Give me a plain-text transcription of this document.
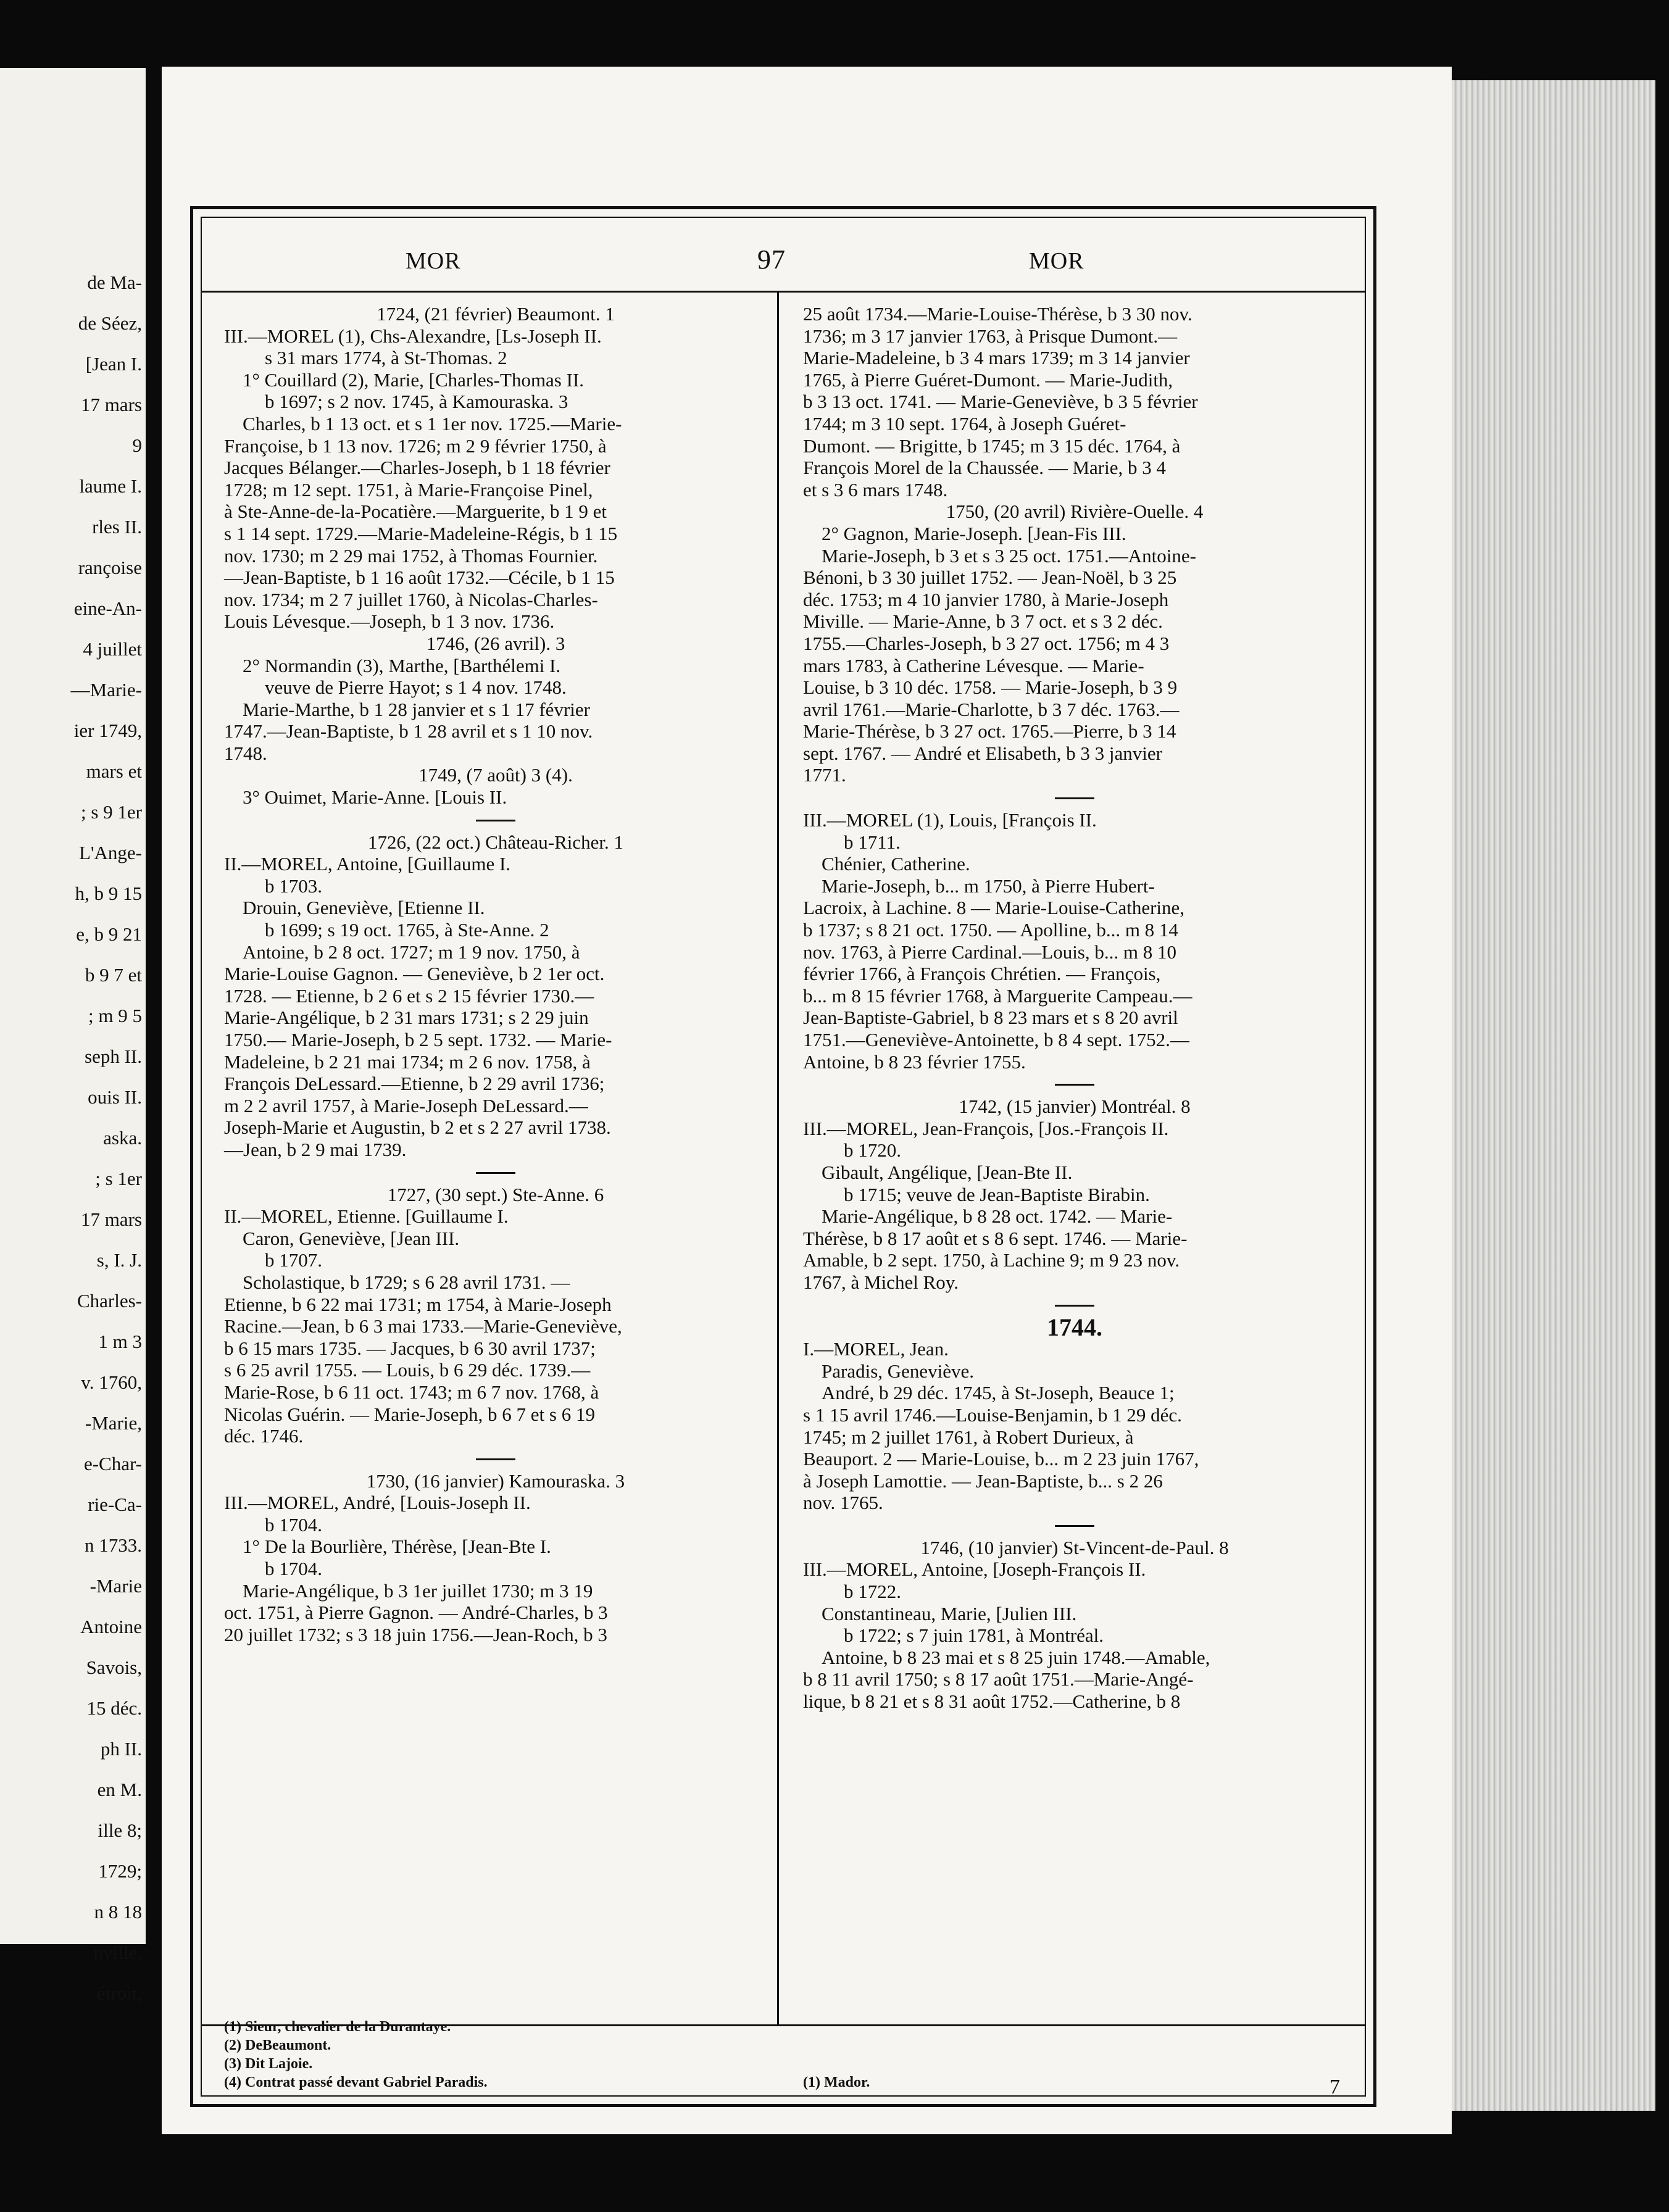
de Ma-
de Séez,
[Jean I.
17 mars
9
laume I.
rles II.
rançoise
eine-An-
4 juillet
—Marie-
ier 1749,
mars et
; s 9 1er
L'Ange-
h, b 9 15
e, b 9 21
b 9 7 et
; m 9 5
seph II.
ouis II.
aska.
; s 1er
17 mars
s, I. J.
Charles-
1 m 3
v. 1760,
-Marie,
e-Char-
rie-Ca-
n 1733.
-Marie
Antoine
Savois,
15 déc.
ph II.
en M.
ille 8;
1729;
n 8 18
nville,
étroit,
MOR	97	MOR

1724, (21 février) Beaumont. 1

III.—MOREL (1), Chs-Alexandre, [Ls-Joseph II.

s 31 mars 1774, à St-Thomas. 2

1° Couillard (2), Marie, [Charles-Thomas II.

b 1697; s 2 nov. 1745, à Kamouraska. 3

Charles, b 1 13 oct. et s 1 1er nov. 1725.—Marie-

Françoise, b 1 13 nov. 1726; m 2 9 février 1750, à

Jacques Bélanger.—Charles-Joseph, b 1 18 février

1728; m 12 sept. 1751, à Marie-Françoise Pinel,

à Ste-Anne-de-la-Pocatière.—Marguerite, b 1 9 et

s 1 14 sept. 1729.—Marie-Madeleine-Régis, b 1 15

nov. 1730; m 2 29 mai 1752, à Thomas Fournier.

—Jean-Baptiste, b 1 16 août 1732.—Cécile, b 1 15

nov. 1734; m 2 7 juillet 1760, à Nicolas-Charles-

Louis Lévesque.—Joseph, b 1 3 nov. 1736.

1746, (26 avril). 3

2° Normandin (3), Marthe, [Barthélemi I.

veuve de Pierre Hayot; s 1 4 nov. 1748.

Marie-Marthe, b 1 28 janvier et s 1 17 février

1747.—Jean-Baptiste, b 1 28 avril et s 1 10 nov.

1748.

1749, (7 août) 3 (4).

3° Ouimet, Marie-Anne. [Louis II.

1726, (22 oct.) Château-Richer. 1

II.—MOREL, Antoine, [Guillaume I.

b 1703.

Drouin, Geneviève, [Etienne II.

b 1699; s 19 oct. 1765, à Ste-Anne. 2

Antoine, b 2 8 oct. 1727; m 1 9 nov. 1750, à

Marie-Louise Gagnon. — Geneviève, b 2 1er oct.

1728. — Etienne, b 2 6 et s 2 15 février 1730.—

Marie-Angélique, b 2 31 mars 1731; s 2 29 juin

1750.— Marie-Joseph, b 2 5 sept. 1732. — Marie-

Madeleine, b 2 21 mai 1734; m 2 6 nov. 1758, à

François DeLessard.—Etienne, b 2 29 avril 1736;

m 2 2 avril 1757, à Marie-Joseph DeLessard.—

Joseph-Marie et Augustin, b 2 et s 2 27 avril 1738.

—Jean, b 2 9 mai 1739.

1727, (30 sept.) Ste-Anne. 6

II.—MOREL, Etienne. [Guillaume I.

Caron, Geneviève, [Jean III.

b 1707.

Scholastique, b 1729; s 6 28 avril 1731. —

Etienne, b 6 22 mai 1731; m 1754, à Marie-Joseph

Racine.—Jean, b 6 3 mai 1733.—Marie-Geneviève,

b 6 15 mars 1735. — Jacques, b 6 30 avril 1737;

s 6 25 avril 1755. — Louis, b 6 29 déc. 1739.—

Marie-Rose, b 6 11 oct. 1743; m 6 7 nov. 1768, à

Nicolas Guérin. — Marie-Joseph, b 6 7 et s 6 19

déc. 1746.

1730, (16 janvier) Kamouraska. 3

III.—MOREL, André, [Louis-Joseph II.

b 1704.

1° De la Bourlière, Thérèse, [Jean-Bte I.

b 1704.

Marie-Angélique, b 3 1er juillet 1730; m 3 19

oct. 1751, à Pierre Gagnon. — André-Charles, b 3

20 juillet 1732; s 3 18 juin 1756.—Jean-Roch, b 3

25 août 1734.—Marie-Louise-Thérèse, b 3 30 nov.

1736; m 3 17 janvier 1763, à Prisque Dumont.—

Marie-Madeleine, b 3 4 mars 1739; m 3 14 janvier

1765, à Pierre Guéret-Dumont. — Marie-Judith,

b 3 13 oct. 1741. — Marie-Geneviève, b 3 5 février

1744; m 3 10 sept. 1764, à Joseph Guéret-

Dumont. — Brigitte, b 1745; m 3 15 déc. 1764, à

François Morel de la Chaussée. — Marie, b 3 4

et s 3 6 mars 1748.

1750, (20 avril) Rivière-Ouelle. 4

2° Gagnon, Marie-Joseph. [Jean-Fis III.

Marie-Joseph, b 3 et s 3 25 oct. 1751.—Antoine-

Bénoni, b 3 30 juillet 1752. — Jean-Noël, b 3 25

déc. 1753; m 4 10 janvier 1780, à Marie-Joseph

Miville. — Marie-Anne, b 3 7 oct. et s 3 2 déc.

1755.—Charles-Joseph, b 3 27 oct. 1756; m 4 3

mars 1783, à Catherine Lévesque. — Marie-

Louise, b 3 10 déc. 1758. — Marie-Joseph, b 3 9

avril 1761.—Marie-Charlotte, b 3 7 déc. 1763.—

Marie-Thérèse, b 3 27 oct. 1765.—Pierre, b 3 14

sept. 1767. — André et Elisabeth, b 3 3 janvier

1771.

III.—MOREL (1), Louis, [François II.

b 1711.

Chénier, Catherine.

Marie-Joseph, b... m 1750, à Pierre Hubert-

Lacroix, à Lachine. 8 — Marie-Louise-Catherine,

b 1737; s 8 21 oct. 1750. — Apolline, b... m 8 14

nov. 1763, à Pierre Cardinal.—Louis, b... m 8 10

février 1766, à François Chrétien. — François,

b... m 8 15 février 1768, à Marguerite Campeau.—

Jean-Baptiste-Gabriel, b 8 23 mars et s 8 20 avril

1751.—Geneviève-Antoinette, b 8 4 sept. 1752.—

Antoine, b 8 23 février 1755.

1742, (15 janvier) Montréal. 8

III.—MOREL, Jean-François, [Jos.-François II.

b 1720.

Gibault, Angélique, [Jean-Bte II.

b 1715; veuve de Jean-Baptiste Birabin.

Marie-Angélique, b 8 28 oct. 1742. — Marie-

Thérèse, b 8 17 août et s 8 6 sept. 1746. — Marie-

Amable, b 2 sept. 1750, à Lachine 9; m 9 23 nov.

1767, à Michel Roy.

1744.

I.—MOREL, Jean.

Paradis, Geneviève.

André, b 29 déc. 1745, à St-Joseph, Beauce 1;

s 1 15 avril 1746.—Louise-Benjamin, b 1 29 déc.

1745; m 2 juillet 1761, à Robert Durieux, à

Beauport. 2 — Marie-Louise, b... m 2 23 juin 1767,

à Joseph Lamottie. — Jean-Baptiste, b... s 2 26

nov. 1765.

1746, (10 janvier) St-Vincent-de-Paul. 8

III.—MOREL, Antoine, [Joseph-François II.

b 1722.

Constantineau, Marie, [Julien III.

b 1722; s 7 juin 1781, à Montréal.

Antoine, b 8 23 mai et s 8 25 juin 1748.—Amable,

b 8 11 avril 1750; s 8 17 août 1751.—Marie-Angé-

lique, b 8 21 et s 8 31 août 1752.—Catherine, b 8

(1) Sieur, chevalier de la Durantaye.

(2) DeBeaumont.

(3) Dit Lajoie.

(4) Contrat passé devant Gabriel Paradis.	(1) Mador.	7
